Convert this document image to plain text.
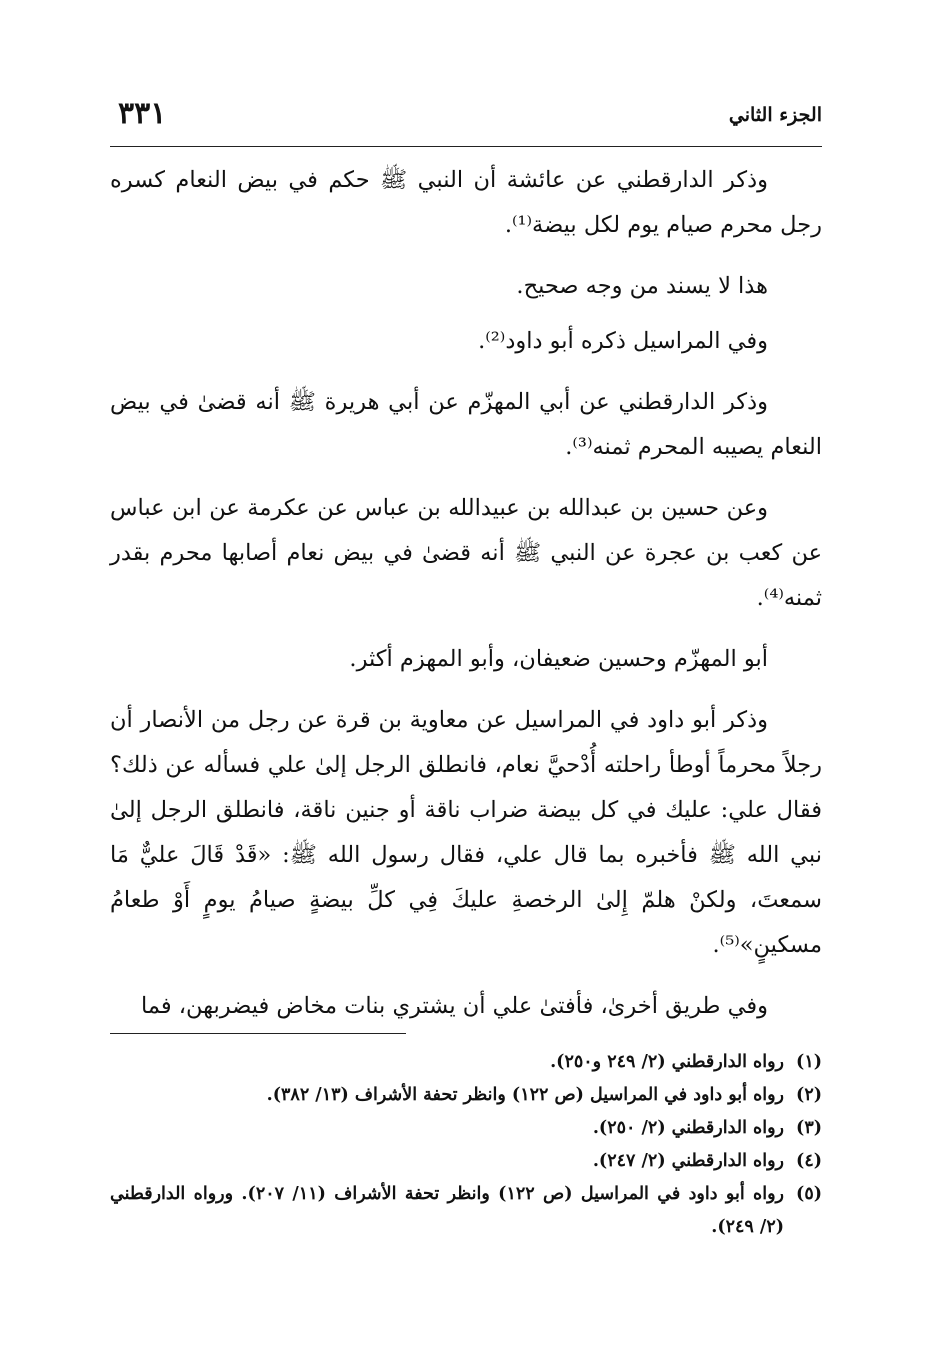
الجزء الثاني
٣٣١

وذكر الدارقطني عن عائشة أن النبي ﷺ حكم في بيض النعام كسره رجل محرم صيام يوم لكل بيضة⁽¹⁾.

هذا لا يسند من وجه صحيح.

وفي المراسيل ذكره أبو داود⁽²⁾.

وذكر الدارقطني عن أبي المهزّم عن أبي هريرة ﷺ أنه قضىٰ في بيض النعام يصيبه المحرم ثمنه⁽³⁾.

وعن حسين بن عبدالله بن عبيدالله بن عباس عن عكرمة عن ابن عباس عن كعب بن عجرة عن النبي ﷺ أنه قضىٰ في بيض نعام أصابها محرم بقدر ثمنه⁽⁴⁾.

أبو المهزّم وحسين ضعيفان، وأبو المهزم أكثر.

وذكر أبو داود في المراسيل عن معاوية بن قرة عن رجل من الأنصار أن رجلاً محرماً أوطأ راحلته أُدْحيَّ نعام، فانطلق الرجل إلىٰ علي فسأله عن ذلك؟ فقال علي: عليك في كل بيضة ضراب ناقة أو جنين ناقة، فانطلق الرجل إلىٰ نبي الله ﷺ فأخبره بما قال علي، فقال رسول الله ﷺ: «قَدْ قَالَ عليٌّ مَا سمعتَ، ولكنْ هلمّ إِلىٰ الرخصةِ عليكَ فِي كلِّ بيضةٍ صيامُ يومٍ أَوْ طعامُ مسكينٍ»⁽⁵⁾.

وفي طريق أخرىٰ، فأفتىٰ علي أن يشتري بنات مخاض فيضربهن، فما

(١)
رواه الدارقطني (٢/ ٢٤٩ و٢٥٠).
(٢)
رواه أبو داود في المراسيل (ص ١٢٢) وانظر تحفة الأشراف (١٣/ ٣٨٢).
(٣)
رواه الدارقطني (٢/ ٢٥٠).
(٤)
رواه الدارقطني (٢/ ٢٤٧).
(٥)
رواه أبو داود في المراسيل (ص ١٢٢) وانظر تحفة الأشراف (١١/ ٢٠٧). ورواه الدارقطني (٢/ ٢٤٩).
